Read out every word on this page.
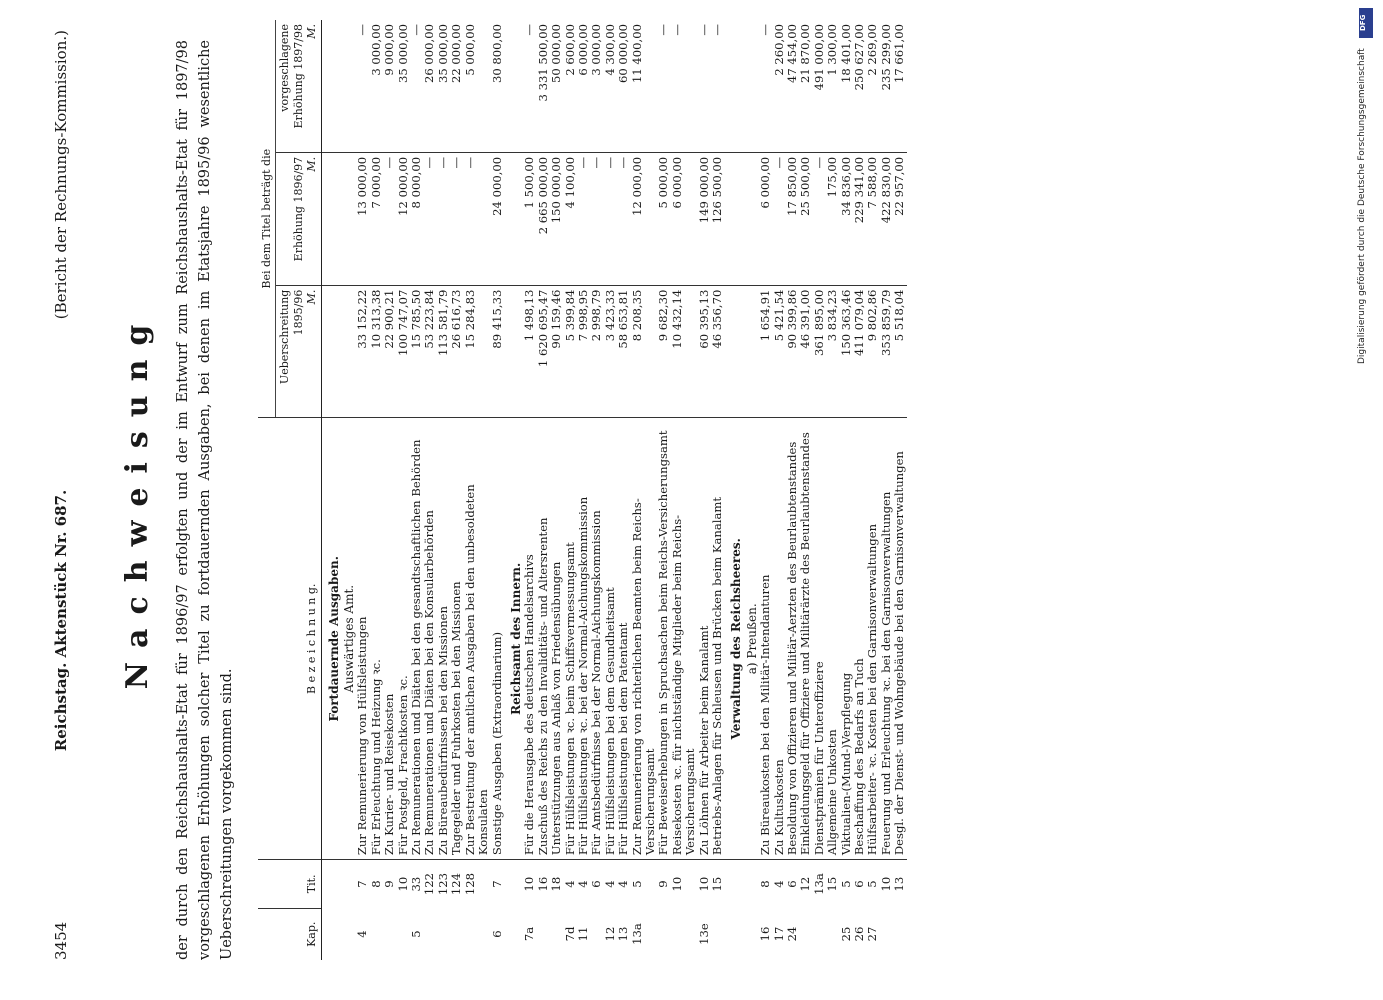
3454
Reichstag. Aktenstück Nr. 687.
(Bericht der Rechnungs-Kommission.)
Nachweisung der durch den Reichshaushalts-Etat für 1896/97 erfolgten und der im Entwurf zum Reichshaushalts-Etat für 1897/98 vorgeschlagenen Erhöhungen solcher Titel zu fortdauernden Ausgaben, bei denen im Etatsjahre 1895/96 wesentliche Ueberschreitungen vorgekommen sind.	Kap.	Tit.	B e z e i c h n u n g.	Bei dem Titel beträgt die		
			Ueberschreitung 1895/96
M.	Erhöhung 1896/97
M.	vorgeschlagene Erhöhung 1897/98
M.
		Fortdauernde Ausgaben.			
		Auswärtiges Amt.			
4	7	Zur Remunerierung von Hülfsleistungen	33 152,22	13 000,00	—
	8	Für Erleuchtung und Heizung ꝛc.	10 313,38	7 000,00	3 000,00
	9	Zu Kurier- und Reisekosten	22 900,21	—	9 000,00
	10	Für Postgeld, Frachtkosten ꝛc.	100 747,07	12 000,00	35 000,00
5	33	Zu Remunerationen und Diäten bei den gesandtschaftlichen Behörden	15 785,50	8 000,00	—
	122	Zu Remunerationen und Diäten bei den Konsularbehörden	53 223,84	—	26 000,00
	123	Zu Büreaubedürfnissen bei den Missionen	113 581,79	—	35 000,00
	124	Tagegelder und Fuhrkosten bei den Missionen	26 616,73	—	22 000,00
	128	Zur Bestreitung der amtlichen Ausgaben bei den unbesoldeten Konsulaten	15 284,83	—	5 000,00
6	7	Sonstige Ausgaben (Extraordinarium)	89 415,33	24 000,00	30 800,00
		Reichsamt des Innern.			
7a	10	Für die Herausgabe des deutschen Handelsarchivs	1 498,13	1 500,00	—
	16	Zuschuß des Reichs zu den Invaliditäts- und Altersrenten	1 620 695,47	2 665 000,00	3 331 500,00
	18	Unterstützungen aus Anlaß von Friedensübungen	90 159,46	150 000,00	50 000,00
7d	4	Für Hülfsleistungen ꝛc. beim Schiffsvermessungsamt	5 399,84	4 100,00	2 600,00
11	4	Für Hülfsleistungen ꝛc. bei der Normal-Aichungskommission	7 998,95	—	6 000,00
	6	Für Amtsbedürfnisse bei der Normal-Aichungskommission	2 998,79	—	3 000,00
12	4	Für Hülfsleistungen bei dem Gesundheitsamt	3 423,33	—	4 300,00
13	4	Für Hülfsleistungen bei dem Patentamt	58 653,81	—	60 000,00
13a	5	Zur Remunerierung von richterlichen Beamten beim Reichs-Versicherungsamt	8 208,35	12 000,00	11 400,00
	9	Für Beweiserhebungen in Spruchsachen beim Reichs-Versicherungsamt	9 682,30	5 000,00	—
	10	Reisekosten ꝛc. für nichtständige Mitglieder beim Reichs-Versicherungsamt	10 432,14	6 000,00	—
13e	10	Zu Löhnen für Arbeiter beim Kanalamt	60 395,13	149 000,00	—
	15	Betriebs-Anlagen für Schleusen und Brücken beim Kanalamt	46 356,70	126 500,00	—
		Verwaltung des Reichsheeres.			
		a) Preußen.			
16	8	Zu Büreaukosten bei den Militär-Intendanturen	1 654,91	6 000,00	—
17	4	Zu Kultuskosten	5 421,54	—	2 260,00
24	6	Besoldung von Offizieren und Militär-Aerzten des Beurlaubtenstandes	90 399,86	17 850,00	47 454,00
	12	Einkleidungsgeld für Offiziere und Militärärzte des Beurlaubtenstandes	46 391,00	25 500,00	21 870,00
	13a	Dienstprämien für Unteroffiziere	361 895,00	—	491 000,00
	15	Allgemeine Unkosten	3 834,23	175,00	1 300,00
25	5	Viktualien-(Mund-)Verpflegung	150 363,46	34 836,00	18 401,00
26	6	Beschaffung des Bedarfs an Tuch	411 079,04	229 341,00	250 627,00
27	5	Hülfsarbeiter- ꝛc. Kosten bei den Garnisonverwaltungen	9 802,86	7 588,00	2 269,00
	10	Feuerung und Erleuchtung ꝛc. bei den Garnisonverwaltungen	353 859,79	422 830,00	235 299,00
	13	Desgl. der Dienst- und Wohngebäude bei den Garnisonverwaltungen	5 518,04	22 957,00	17 661,00
DFG
Digitalisierung gefördert durch die Deutsche Forschungsgemeinschaft
